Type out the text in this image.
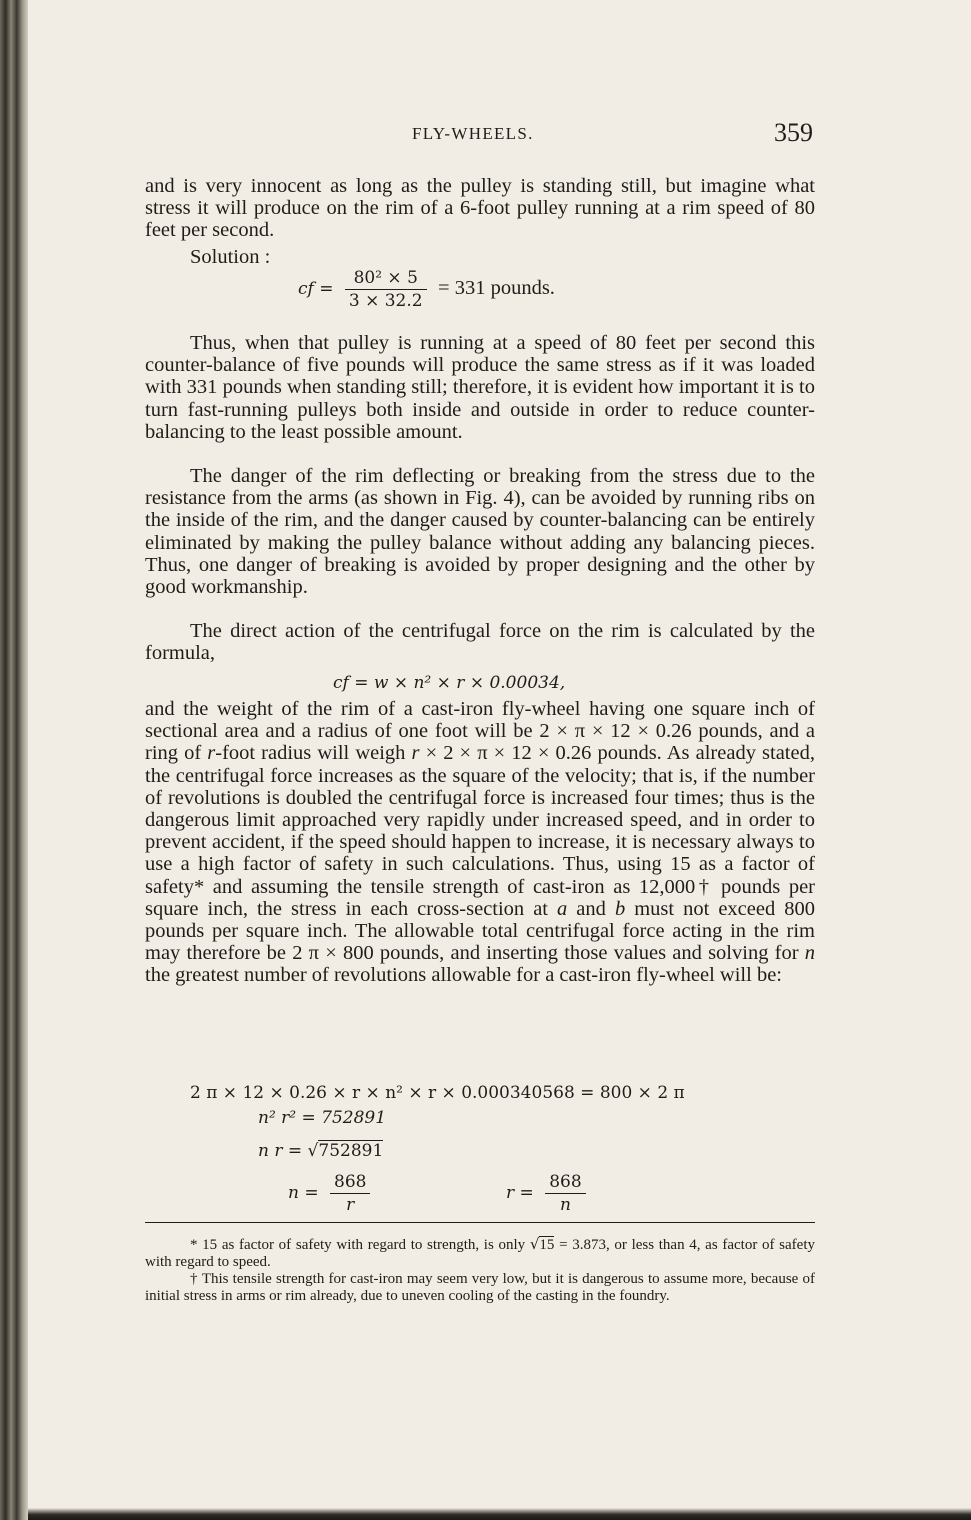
FLY-WHEELS.	359

and is very innocent as long as the pulley is standing still, but imagine what stress it will produce on the rim of a 6-foot pulley running at a rim speed of 80 feet per second.

Solution :
cf = $\frac{\text{80² × 5}}{3 \times 32.2} = 331$ pounds.

Thus, when that pulley is running at a speed of 80 feet per second this counter-balance of five pounds will produce the same stress as if it was loaded with 331 pounds when standing still; therefore, it is evident how important it is to turn fast-running pulleys both inside and outside in order to reduce counter-balancing to the least possible amount.

The danger of the rim deflecting or breaking from the stress due to the resistance from the arms (as shown in Fig. 4), can be avoided by running ribs on the inside of the rim, and the danger caused by counter-balancing can be entirely eliminated by making the pulley balance without adding any balancing pieces. Thus, one danger of breaking is avoided by proper designing and the other by good workmanship.

The direct action of the centrifugal force on the rim is calculated by the formula,

cf = w × n² × r × 0.00034,

and the weight of the rim of a cast-iron fly-wheel having one square inch of sectional area and a radius of one foot will be 2 × π × 12 × 0.26 pounds, and a ring of r-foot radius will weigh r × 2 × π × 12 × 0.26 pounds. As already stated, the centrifugal force increases as the square of the velocity; that is, if the number of revolutions is doubled the centrifugal force is increased four times; thus is the dangerous limit approached very rapidly under increased speed, and in order to prevent accident, if the speed should happen to increase, it is necessary always to use a high factor of safety in such calculations. Thus, using 15 as a factor of safety* and assuming the tensile strength of cast-iron as 12,000† pounds per square inch, the stress in each cross-section at a and b must not exceed 800 pounds per square inch. The allowable total centrifugal force acting in the rim may therefore be 2 π × 800 pounds, and inserting those values and solving for n the greatest number of revolutions allowable for a cast-iron fly-wheel will be:

2 π × 12 × 0.26 × r × n² × r × 0.000340568 = 800 × 2 π
n² r² = 752891
n r = √752891
$n = \frac{868}{r}$	$r = \frac{868}{n}$

* 15 as factor of safety with regard to strength, is only √15 = 3.873, or less than 4, as factor of safety with regard to speed.

† This tensile strength for cast-iron may seem very low, but it is dangerous to assume more, because of initial stress in arms or rim already, due to uneven cooling of the casting in the foundry.
